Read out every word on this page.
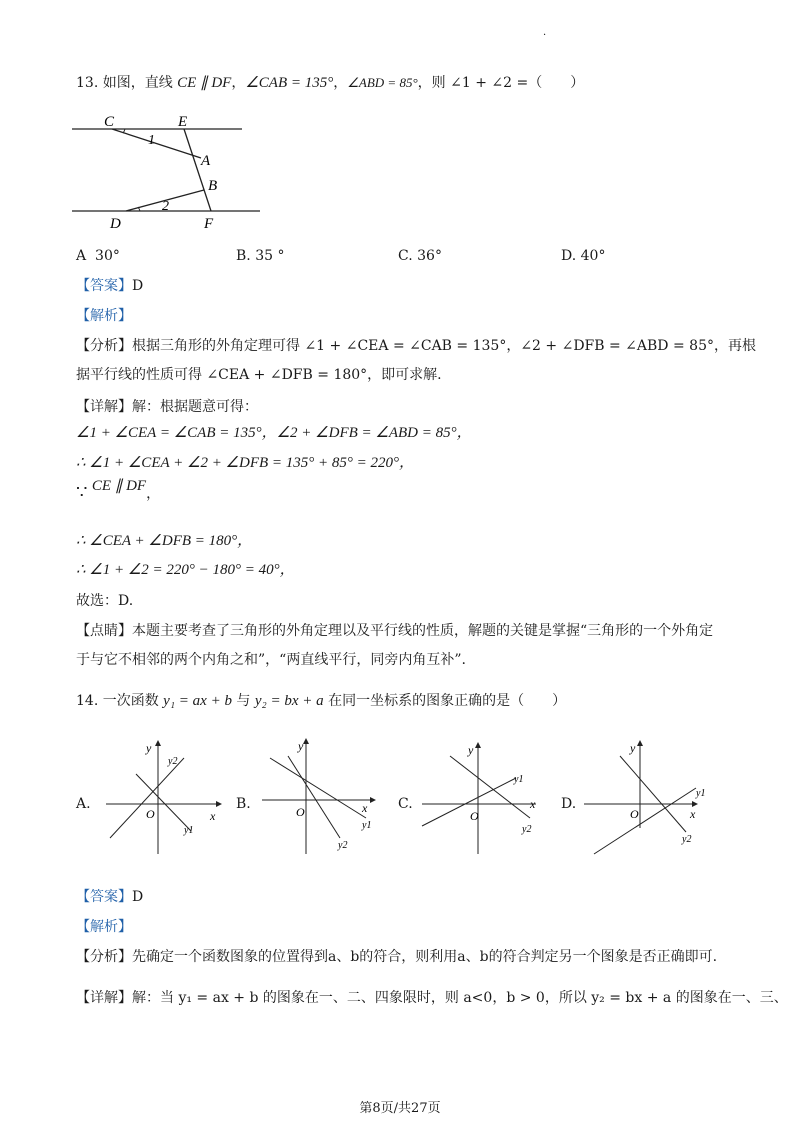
·
13. 如图，直线 CE ∥ DF，∠CAB = 135°，∠ABD = 85°，则 ∠1 + ∠2 =（　　）
C	E
1
A
B
2
D	F
A 30°	B. 35 °	C. 36°	D. 40°
【答案】D
【解析】
【分析】根据三角形的外角定理可得 ∠1 + ∠CEA = ∠CAB = 135°，∠2 + ∠DFB = ∠ABD = 85°，再根
据平行线的性质可得 ∠CEA + ∠DFB = 180°，即可求解.
【详解】解：根据题意可得：
∠1 + ∠CEA = ∠CAB = 135°，∠2 + ∠DFB = ∠ABD = 85°，
∴ ∠1 + ∠CEA + ∠2 + ∠DFB = 135° + 85° = 220°，
∵ CE ∥ DF，
∴ ∠CEA + ∠DFB = 180°，
∴ ∠1 + ∠2 = 220° − 180° = 40°，
故选：D.
【点睛】本题主要考查了三角形的外角定理以及平行线的性质，解题的关键是掌握“三角形的一个外角定
于与它不相邻的两个内角之和”，“两直线平行，同旁内角互补”.
14. 一次函数 y₁ = ax + b 与 y₂ = bx + a 在同一坐标系的图象正确的是（　　）
A.
y
x
O
y2
y1
B.
y
x
O
y1
y2
C.
y
x
O
y1
y2
D.
y
x
O
y1
y2
【答案】D
【解析】
【分析】先确定一个函数图象的位置得到a、b的符合，则利用a、b的符合判定另一个图象是否正确即可.
【详解】解：当 y₁ = ax + b 的图象在一、二、四象限时，则 a<0，b > 0，所以 y₂ = bx + a 的图象在一、三、
第8页/共27页
